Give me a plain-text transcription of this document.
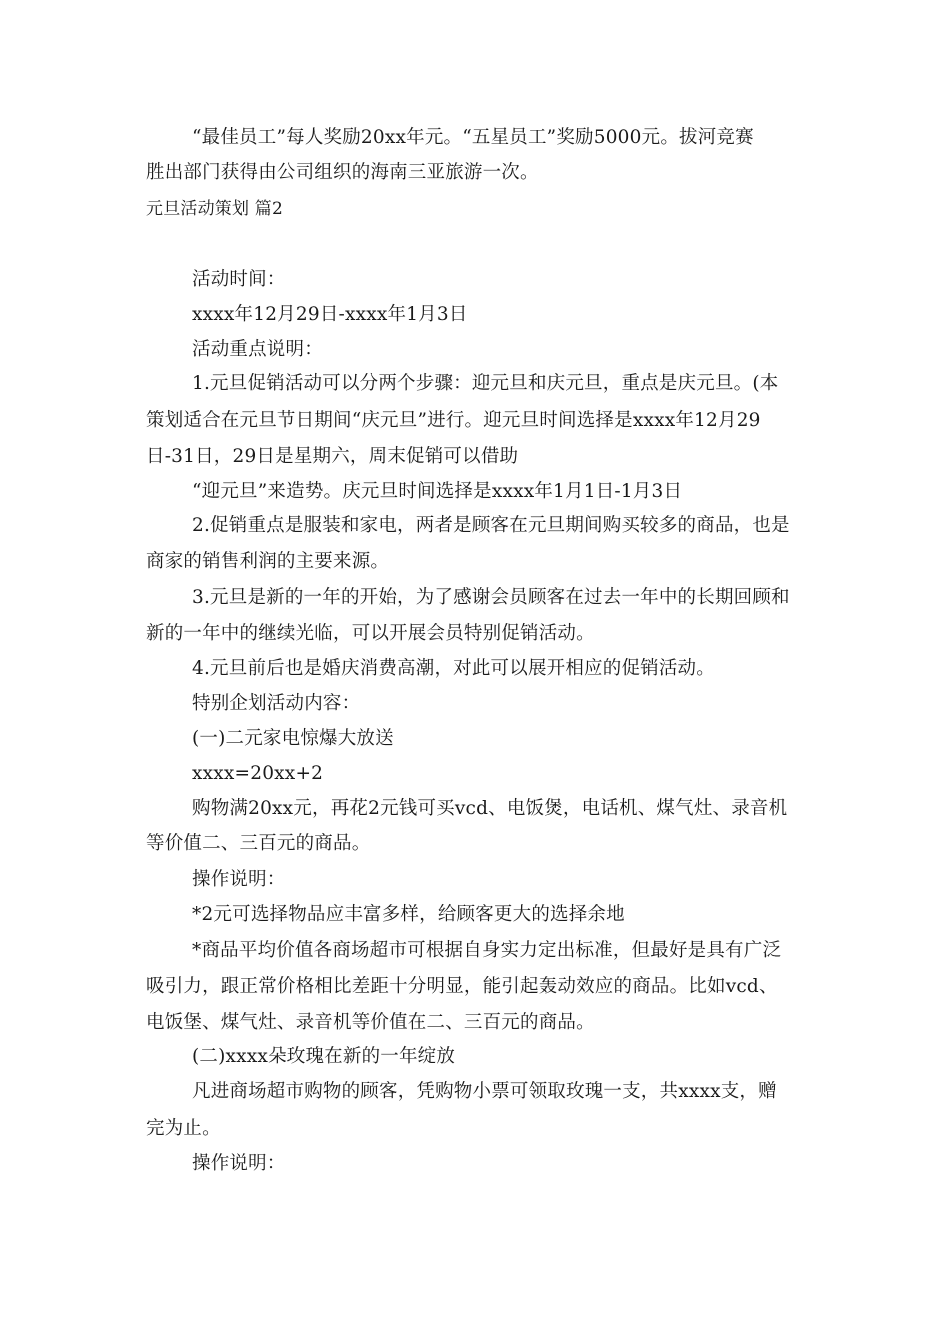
“最佳员工”每人奖励20xx年元。“五星员工”奖励5000元。拔河竞赛
胜出部门获得由公司组织的海南三亚旅游一次。
元旦活动策划 篇2
活动时间：
xxxx年12月29日-xxxx年1月3日
活动重点说明：
1.元旦促销活动可以分两个步骤：迎元旦和庆元旦，重点是庆元旦。(本
策划适合在元旦节日期间“庆元旦”进行。迎元旦时间选择是xxxx年12月29
日-31日，29日是星期六，周末促销可以借助
“迎元旦”来造势。庆元旦时间选择是xxxx年1月1日-1月3日
2.促销重点是服装和家电，两者是顾客在元旦期间购买较多的商品，也是
商家的销售利润的主要来源。
3.元旦是新的一年的开始，为了感谢会员顾客在过去一年中的长期回顾和
新的一年中的继续光临，可以开展会员特别促销活动。
4.元旦前后也是婚庆消费高潮，对此可以展开相应的促销活动。
特别企划活动内容：
(一)二元家电惊爆大放送
xxxx=20xx+2
购物满20xx元，再花2元钱可买vcd、电饭煲，电话机、煤气灶、录音机
等价值二、三百元的商品。
操作说明：
*2元可选择物品应丰富多样，给顾客更大的选择余地
*商品平均价值各商场超市可根据自身实力定出标准，但最好是具有广泛
吸引力，跟正常价格相比差距十分明显，能引起轰动效应的商品。比如vcd、
电饭堡、煤气灶、录音机等价值在二、三百元的商品。
(二)xxxx朵玫瑰在新的一年绽放
凡进商场超市购物的顾客，凭购物小票可领取玫瑰一支，共xxxx支，赠
完为止。
操作说明：
